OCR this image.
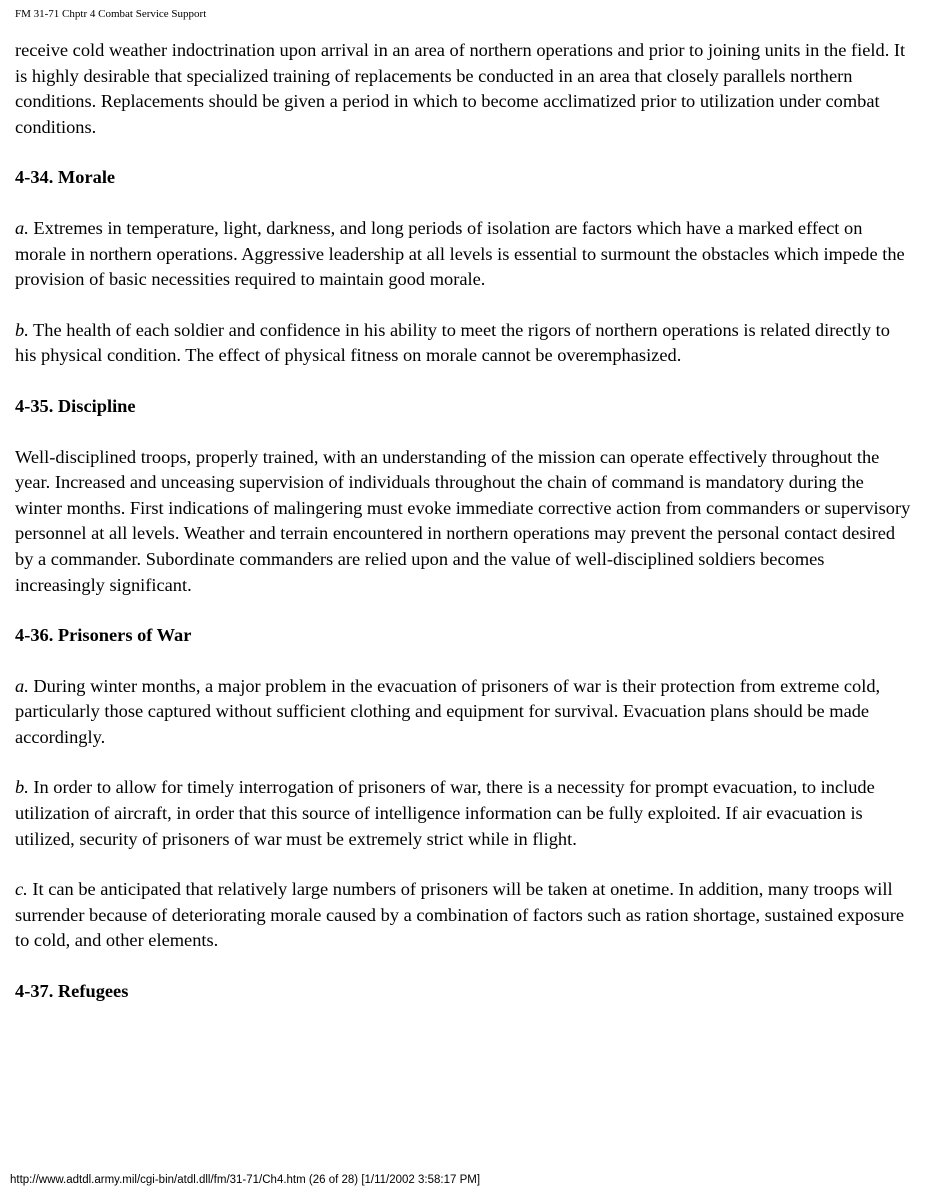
FM 31-71 Chptr 4 Combat Service Support

receive cold weather indoctrination upon arrival in an area of northern operations and prior to joining units in the field. It is highly desirable that specialized training of replacements be conducted in an area that closely parallels northern conditions. Replacements should be given a period in which to become acclimatized prior to utilization under combat conditions.

4-34. Morale

a. Extremes in temperature, light, darkness, and long periods of isolation are factors which have a marked effect on morale in northern operations. Aggressive leadership at all levels is essential to surmount the obstacles which impede the provision of basic necessities required to maintain good morale.

b. The health of each soldier and confidence in his ability to meet the rigors of northern operations is related directly to his physical condition. The effect of physical fitness on morale cannot be overemphasized.

4-35. Discipline

Well-disciplined troops, properly trained, with an understanding of the mission can operate effectively throughout the year. Increased and unceasing supervision of individuals throughout the chain of command is mandatory during the winter months. First indications of malingering must evoke immediate corrective action from commanders or supervisory personnel at all levels. Weather and terrain encountered in northern operations may prevent the personal contact desired by a commander. Subordinate commanders are relied upon and the value of well-disciplined soldiers becomes increasingly significant.

4-36. Prisoners of War

a. During winter months, a major problem in the evacuation of prisoners of war is their protection from extreme cold, particularly those captured without sufficient clothing and equipment for survival. Evacuation plans should be made accordingly.

b. In order to allow for timely interrogation of prisoners of war, there is a necessity for prompt evacuation, to include utilization of aircraft, in order that this source of intelligence information can be fully exploited. If air evacuation is utilized, security of prisoners of war must be extremely strict while in flight.

c. It can be anticipated that relatively large numbers of prisoners will be taken at onetime. In addition, many troops will surrender because of deteriorating morale caused by a combination of factors such as ration shortage, sustained exposure to cold, and other elements.

4-37. Refugees
http://www.adtdl.army.mil/cgi-bin/atdl.dll/fm/31-71/Ch4.htm (26 of 28) [1/11/2002 3:58:17 PM]
